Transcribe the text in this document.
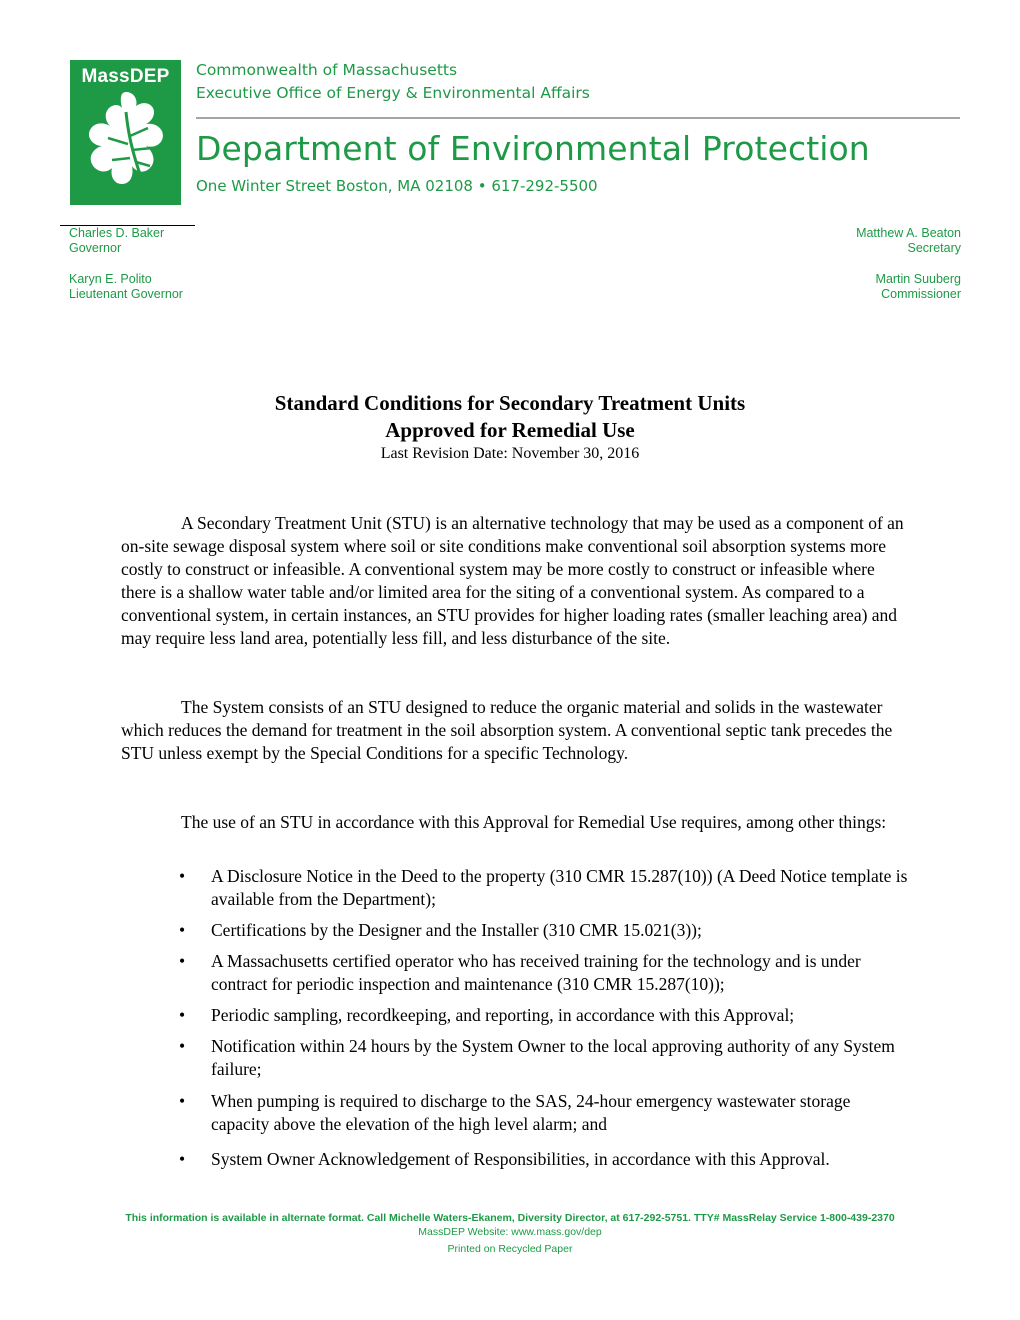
MassDEP	Commonwealth of Massachusetts
Executive Office of Energy & Environmental Affairs
Department of Environmental Protection
One Winter Street Boston, MA 02108 • 617-292-5500
Charles D. Baker
Governor
Karyn E. Polito
Lieutenant Governor
Matthew A. Beaton
Secretary
Martin Suuberg
Commissioner
Standard Conditions for Secondary Treatment Units
Approved for Remedial Use
Last Revision Date: November 30, 2016
A Secondary Treatment Unit (STU) is an alternative technology that may be used as a component of an on-site sewage disposal system where soil or site conditions make conventional soil absorption systems more costly to construct or infeasible. A conventional system may be more costly to construct or infeasible where there is a shallow water table and/or limited area for the siting of a conventional system. As compared to a conventional system, in certain instances, an STU provides for higher loading rates (smaller leaching area) and may require less land area, potentially less fill, and less disturbance of the site.
The System consists of an STU designed to reduce the organic material and solids in the wastewater which reduces the demand for treatment in the soil absorption system. A conventional septic tank precedes the STU unless exempt by the Special Conditions for a specific Technology.
The use of an STU in accordance with this Approval for Remedial Use requires, among other things:
• A Disclosure Notice in the Deed to the property (310 CMR 15.287(10)) (A Deed Notice template is available from the Department);
• Certifications by the Designer and the Installer (310 CMR 15.021(3));
• A Massachusetts certified operator who has received training for the technology and is under contract for periodic inspection and maintenance (310 CMR 15.287(10));
• Periodic sampling, recordkeeping, and reporting, in accordance with this Approval;
• Notification within 24 hours by the System Owner to the local approving authority of any System failure;
• When pumping is required to discharge to the SAS, 24-hour emergency wastewater storage capacity above the elevation of the high level alarm; and
• System Owner Acknowledgement of Responsibilities, in accordance with this Approval.
This information is available in alternate format. Call Michelle Waters-Ekanem, Diversity Director, at 617-292-5751. TTY# MassRelay Service 1-800-439-2370
MassDEP Website: www.mass.gov/dep
Printed on Recycled Paper
